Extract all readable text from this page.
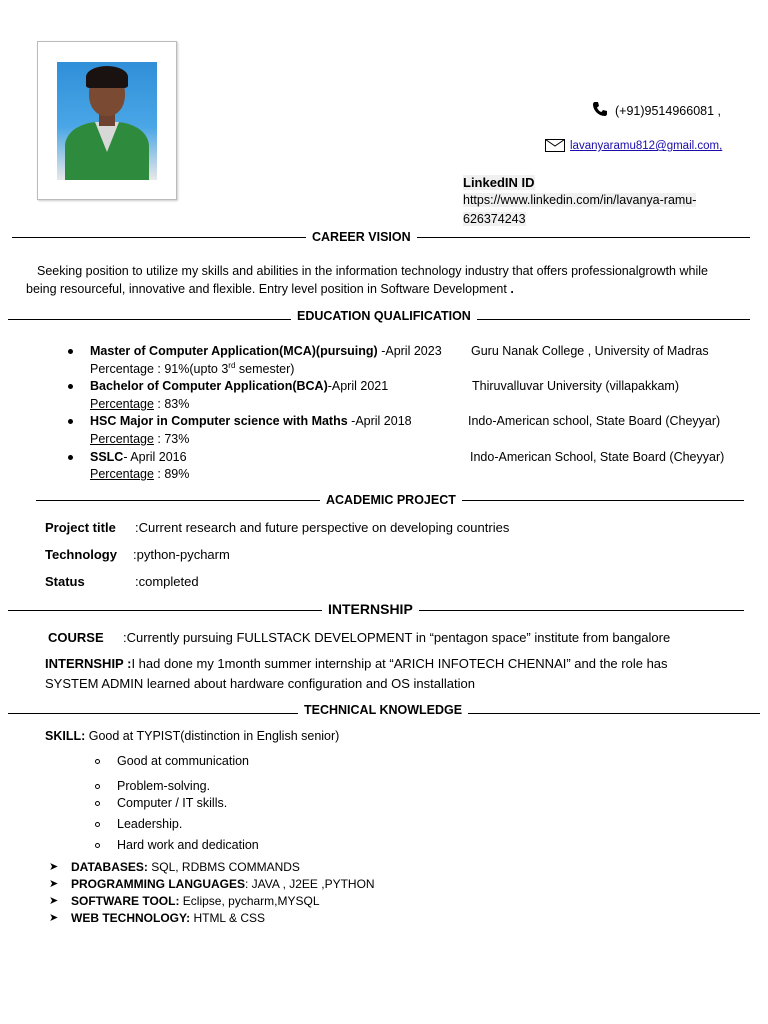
(+91)9514966081 ,
lavanyaramu812@gmail.com,
LinkedIN ID
https://www.linkedin.com/in/lavanya-ramu-
626374243
CAREER VISION
Seeking position to utilize my skills and abilities in the information technology industry that offers professionalgrowth while
being resourceful, innovative and flexible. Entry level position in Software Development .
EDUCATION QUALIFICATION
Master of Computer Application(MCA)(pursuing) -April 2023 Guru Nanak College , University of Madras
Percentage : 91%(upto 3rd semester)
Bachelor of Computer Application(BCA)-April 2021	Thiruvalluvar University (villapakkam)
Percentage : 83%
HSC Major in Computer science with Maths -April 2018	Indo-American school, State Board (Cheyyar)
Percentage : 73%
SSLC- April 2016	Indo-American School, State Board (Cheyyar)
Percentage : 89%
ACADEMIC PROJECT
Project title :Current research and future perspective on developing countries
Technology :python-pycharm
Status	:completed
INTERNSHIP
COURSE :Currently pursuing FULLSTACK DEVELOPMENT in “pentagon space” institute from bangalore
INTERNSHIP :I had done my 1month summer internship at “ARICH INFOTECH CHENNAI” and the role has
SYSTEM ADMIN learned about hardware configuration and OS installation
TECHNICAL KNOWLEDGE
SKILL: Good at TYPIST(distinction in English senior)
Good at communication
Problem-solving.
Computer / IT skills.
Leadership.
Hard work and dedication
➤ DATABASES: SQL, RDBMS COMMANDS
➤ PROGRAMMING LANGUAGES: JAVA , J2EE ,PYTHON
➤ SOFTWARE TOOL: Eclipse, pycharm,MYSQL
➤ WEB TECHNOLOGY: HTML & CSS
